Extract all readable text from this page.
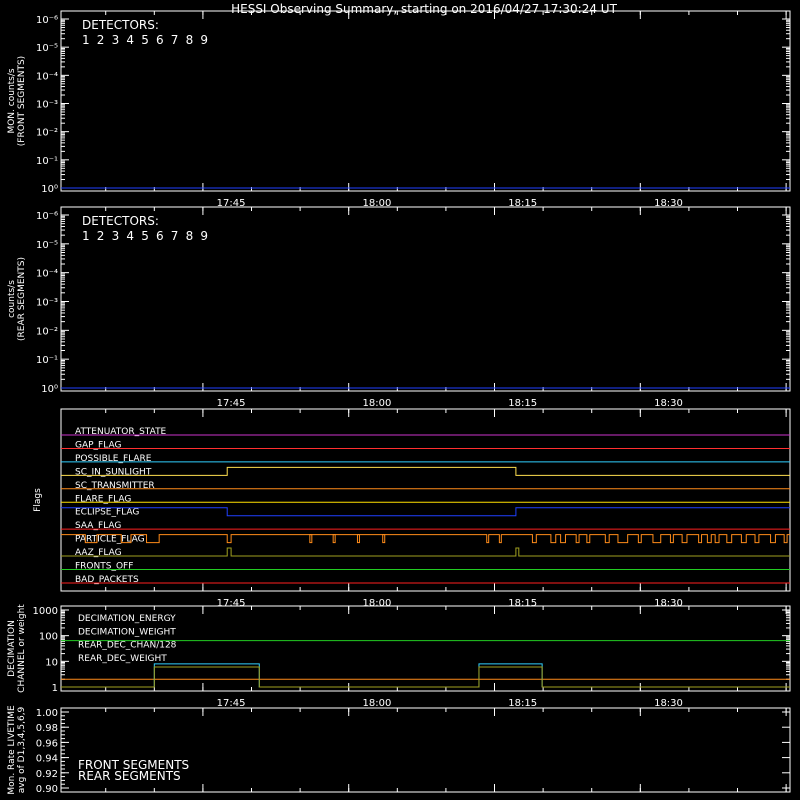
HESSI Observing Summary, starting on 2016/04/27 17:30:24 UT
10⁰
10⁻¹
10⁻²
10⁻³
10⁻⁴
10⁻⁵
10⁻⁶
17:45	18:00	18:15	18:30
MON. counts/s (FRONT SEGMENTS)
DETECTORS:
1 2 3 4 5 6 7 8 9
10⁰
10⁻¹
10⁻²
10⁻³
10⁻⁴
10⁻⁵
10⁻⁶
17:45	18:00	18:15	18:30
counts/s (REAR SEGMENTS)
DETECTORS:
1 2 3 4 5 6 7 8 9
17:45	18:00	18:15	18:30
Flags
ATTENUATOR_STATE
GAP_FLAG
POSSIBLE_FLARE
SC_IN_SUNLIGHT
SC_TRANSMITTER
FLARE_FLAG
ECLIPSE_FLAG
SAA_FLAG
PARTICLE_FLAG
AAZ_FLAG
FRONTS_OFF
BAD_PACKETS
1
10
100
1000
17:45	18:00	18:15	18:30
DECIMATION CHANNEL or weight	DECIMATION_ENERGY
DECIMATION_WEIGHT
REAR_DEC_CHAN/128
REAR_DEC_WEIGHT
Mon. Rate LIVETIME avg of D1,3,4,5,6,9 0.90
0.92
0.94
0.96
0.98
1.00
FRONT SEGMENTS
REAR SEGMENTS
